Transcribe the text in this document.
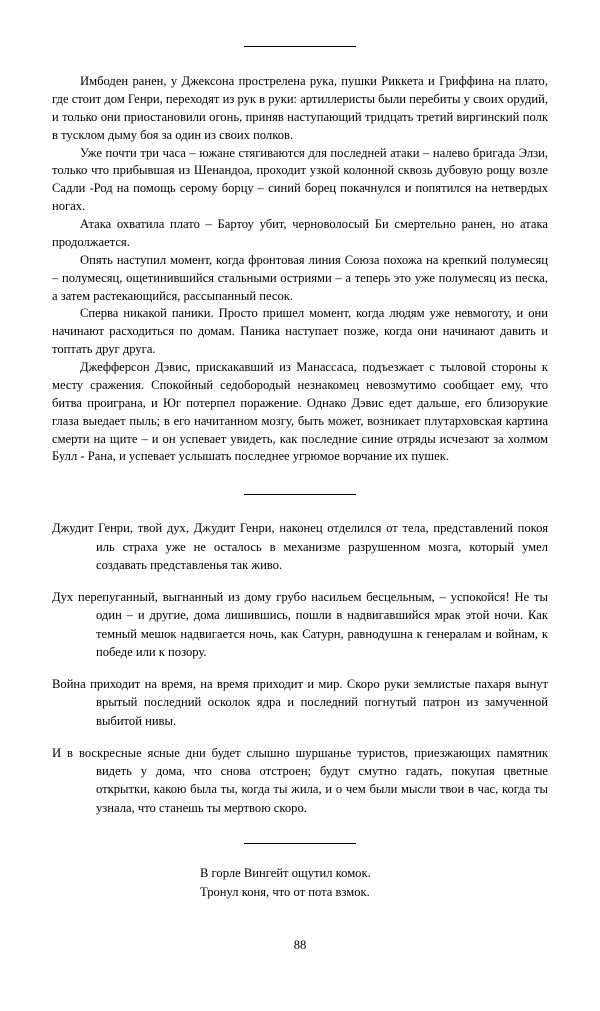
Имбоден ранен, у Джексона прострелена рука, пушки Риккета и Гриффина на плато, где стоит дом Генри, переходят из рук в руки: артиллеристы были перебиты у своих орудий, и только они приостановили огонь, приняв наступающий тридцать третий виргинский полк в тусклом дыму боя за один из своих полков.

Уже почти три часа – южане стягиваются для последней атаки – налево бригада Элзи, только что прибывшая из Шенандоа, проходит узкой колонной сквозь дубовую рощу возле Садли -Род на помощь серому борцу – синий борец покачнулся и попятился на нетвердых ногах.

Атака охватила плато – Бартоу убит, черноволосый Би смертельно ранен, но атака продолжается.

Опять наступил момент, когда фронтовая линия Союза похожа на крепкий полумесяц – полумесяц, ощетинившийся стальными остриями – а теперь это уже полумесяц из песка, а затем растекающийся, рассыпанный песок.

Сперва никакой паники. Просто пришел момент, когда людям уже невмоготу, и они начинают расходиться по домам. Паника наступает позже, когда они начинают давить и топтать друг друга.

Джефферсон Дэвис, прискакавший из Манассаса, подъезжает с тыловой стороны к месту сражения. Спокойный седобородый незнакомец невозмутимо сообщает ему, что битва проиграна, и Юг потерпел поражение. Однако Дэвис едет дальше, его близорукие глаза выедает пыль; в его начитанном мозгу, быть может, возникает плутарховская картина смерти на щите – и он успевает увидеть, как последние синие отряды исчезают за холмом Булл - Рана, и успевает услышать последнее угрюмое ворчание их пушек.

Джудит Генри, твой дух, Джудит Генри, наконец отделился от тела, представлений покоя иль страха уже не осталось в механизме разрушенном мозга, который умел создавать представленья так живо.

Дух перепуганный, выгнанный из дому грубо насильем бесцельным, – успокойся! Не ты один – и другие, дома лишившись, пошли в надвигавшийся мрак этой ночи. Как темный мешок надвигается ночь, как Сатурн, равнодушна к генералам и войнам, к победе или к позору.

Война приходит на время, на время приходит и мир. Скоро руки землистые пахаря вынут врытый последний осколок ядра и последний погнутый патрон из замученной выбитой нивы.

И в воскресные ясные дни будет слышно шуршанье туристов, приезжающих памятник видеть у дома, что снова отстроен; будут смутно гадать, покупая цветные открытки, какою была ты, когда ты жила, и о чем были мысли твои в час, когда ты узнала, что станешь ты мертвою скоро.

В горле Вингейт ощутил комок.
Тронул коня, что от пота взмок.
88
